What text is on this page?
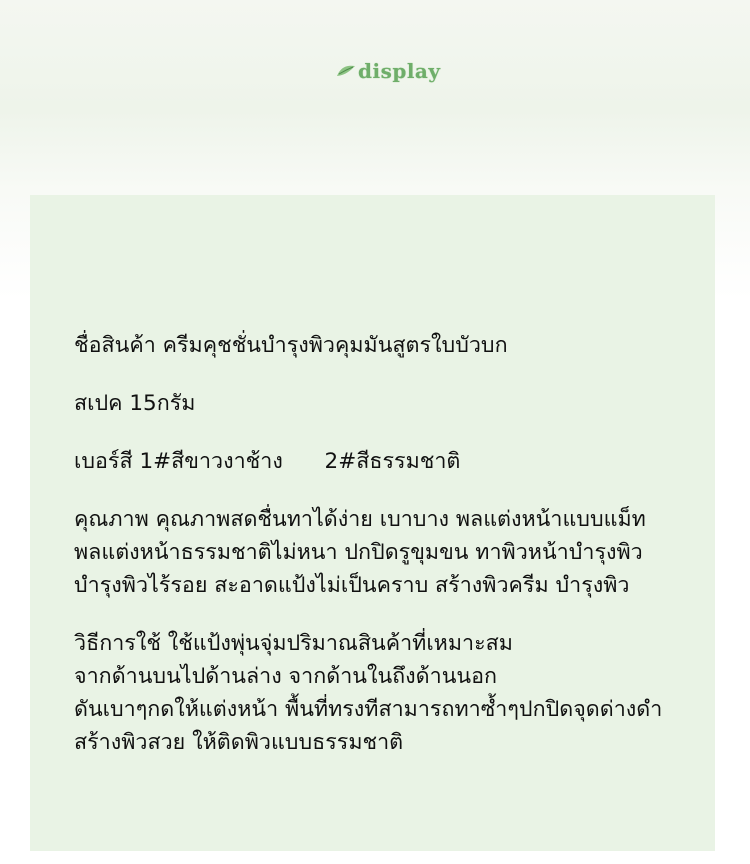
display

ชื่อสินค้า ครีมคุชชั่นบำรุงพิวคุมมันสูตรใบบัวบก

สเปค 15กรัม

เบอร์สี 1#สีขาวงาช้าง 2#สีธรรมชาติ

คุณภาพ คุณภาพสดชื่นทาได้ง่าย เบาบาง พลแต่งหน้าแบบแม็ท
พลแต่งหน้าธรรมชาติไม่หนา ปกปิดรูขุมขน ทาพิวหน้าบำรุงพิว
บำรุงพิวไร้รอย สะอาดแป้งไม่เป็นคราบ สร้างพิวครีม บำรุงพิว

วิธีการใช้ ใช้แป้งพุ่นจุ่มปริมาณสินค้าที่เหมาะสม
จากด้านบนไปด้านล่าง จากด้านในถึงด้านนอก
ดันเบาๆกดให้แต่งหน้า พื้นที่ทรงทีสามารถทาซ้ำๆปกปิดจุดด่างดำ
สร้างพิวสวย ให้ติดพิวแบบธรรมชาติ
